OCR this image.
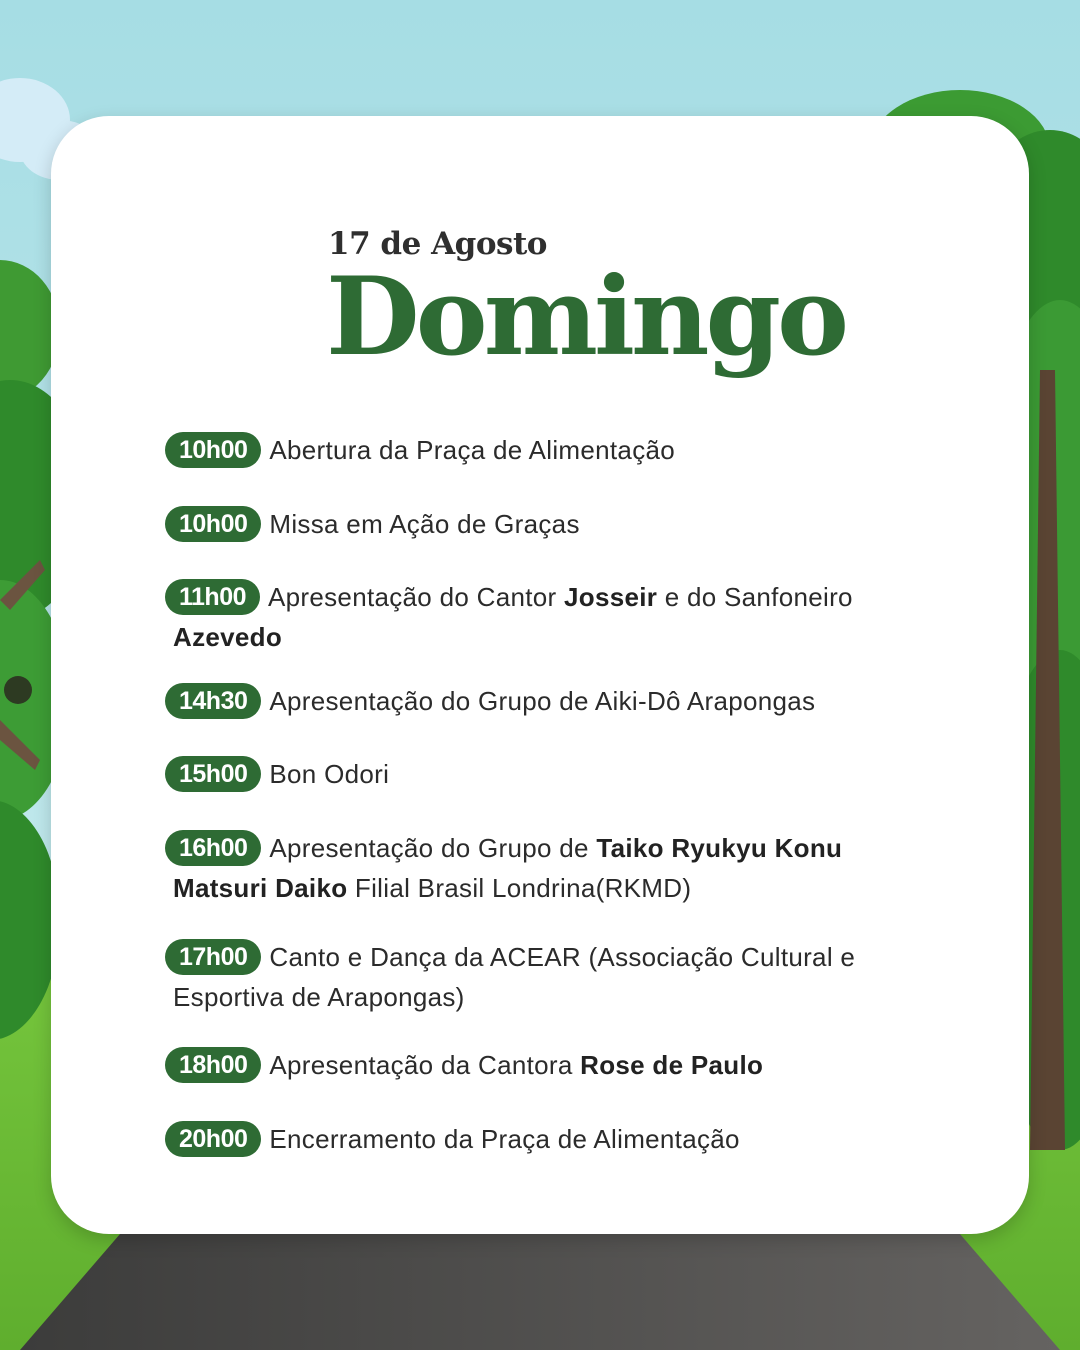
17 de Agosto
Domingo
10h00 Abertura da Praça de Alimentação
10h00 Missa em Ação de Graças
11h00 Apresentação do Cantor Josseir e do Sanfoneiro
Azevedo
14h30 Apresentação do Grupo de Aiki-Dô Arapongas
15h00 Bon Odori
16h00 Apresentação do Grupo de Taiko Ryukyu Konu
Matsuri Daiko Filial Brasil Londrina(RKMD)
17h00 Canto e Dança da ACEAR (Associação Cultural e
Esportiva de Arapongas)
18h00 Apresentação da Cantora Rose de Paulo
20h00 Encerramento da Praça de Alimentação
